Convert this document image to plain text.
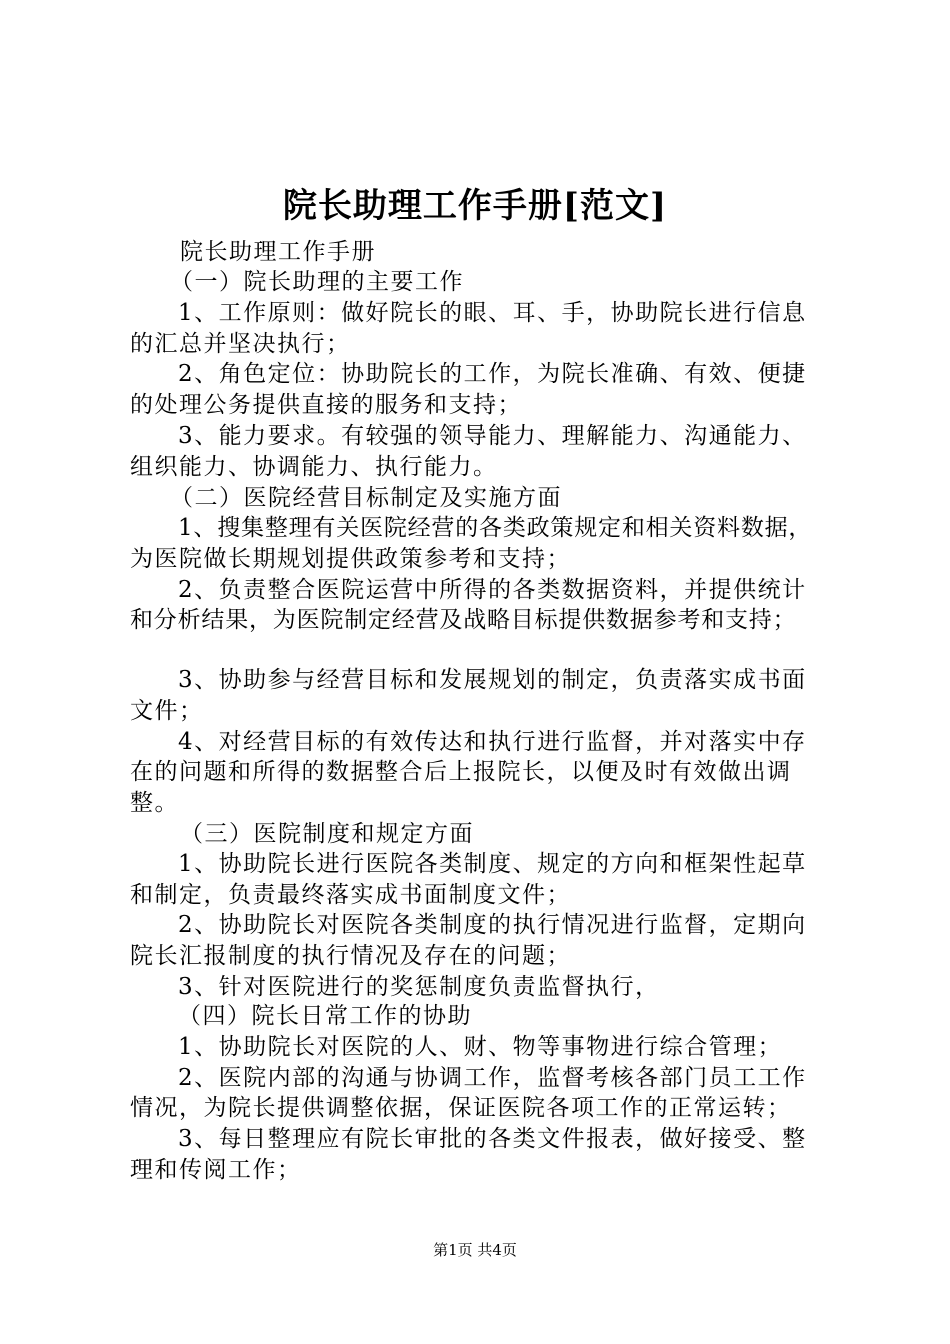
院长助理工作手册[范文]
院长助理工作手册
（一）院长助理的主要工作
1、工作原则：做好院长的眼、耳、手，协助院长进行信息
的汇总并坚决执行；
2、角色定位：协助院长的工作，为院长准确、有效、便捷
的处理公务提供直接的服务和支持；
3、能力要求。有较强的领导能力、理解能力、沟通能力、
组织能力、协调能力、执行能力。
（二）医院经营目标制定及实施方面
1、搜集整理有关医院经营的各类政策规定和相关资料数据，
为医院做长期规划提供政策参考和支持；
2、负责整合医院运营中所得的各类数据资料，并提供统计
和分析结果，为医院制定经营及战略目标提供数据参考和支持；
3、协助参与经营目标和发展规划的制定，负责落实成书面
文件；
4、对经营目标的有效传达和执行进行监督，并对落实中存
在的问题和所得的数据整合后上报院长，以便及时有效做出调
整。
（三）医院制度和规定方面
1、协助院长进行医院各类制度、规定的方向和框架性起草
和制定，负责最终落实成书面制度文件；
2、协助院长对医院各类制度的执行情况进行监督，定期向
院长汇报制度的执行情况及存在的问题；
3、针对医院进行的奖惩制度负责监督执行，
（四）院长日常工作的协助
1、协助院长对医院的人、财、物等事物进行综合管理；
2、医院内部的沟通与协调工作，监督考核各部门员工工作
情况，为院长提供调整依据，保证医院各项工作的正常运转；
3、每日整理应有院长审批的各类文件报表，做好接受、整
理和传阅工作；
第1页 共4页
